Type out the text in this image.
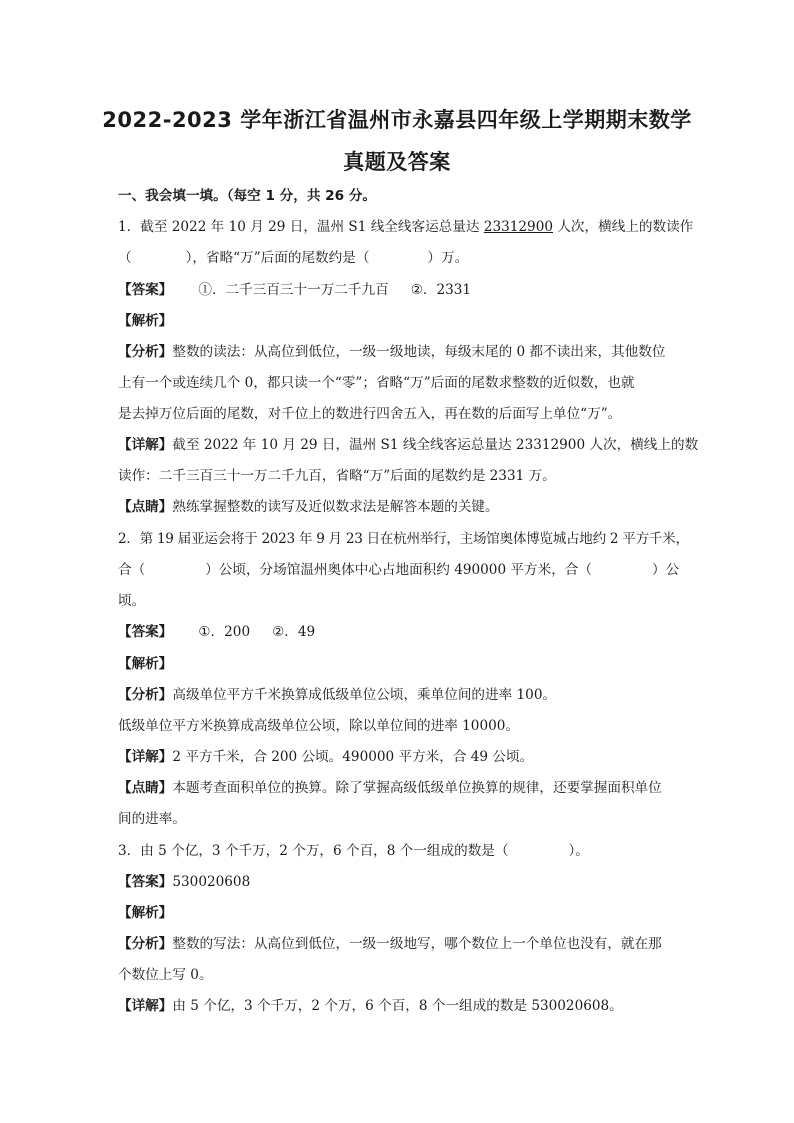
2022-2023 学年浙江省温州市永嘉县四年级上学期期末数学
真题及答案
一、我会填一填。（每空 1 分，共 26 分。
1．截至 2022 年 10 月 29 日，温州 S1 线全线客运总量达 23312900 人次，横线上的数读作
（	），省略“万”后面的尾数约是（	）万。
【答案】 ①．二千三百三十一万二千九百 ②．2331
【解析】
【分析】整数的读法：从高位到低位，一级一级地读，每级末尾的 0 都不读出来，其他数位
上有一个或连续几个 0，都只读一个“零”；省略“万”后面的尾数求整数的近似数，也就
是去掉万位后面的尾数，对千位上的数进行四舍五入，再在数的后面写上单位“万”。
【详解】截至 2022 年 10 月 29 日，温州 S1 线全线客运总量达 23312900 人次，横线上的数
读作：二千三百三十一万二千九百，省略“万”后面的尾数约是 2331 万。
【点睛】熟练掌握整数的读写及近似数求法是解答本题的关键。
2．第 19 届亚运会将于 2023 年 9 月 23 日在杭州举行，主场馆奥体博览城占地约 2 平方千米，
合（	）公顷，分场馆温州奥体中心占地面积约 490000 平方米，合（	）公
顷。
【答案】 ①．200 ②．49
【解析】
【分析】高级单位平方千米换算成低级单位公顷，乘单位间的进率 100。
低级单位平方米换算成高级单位公顷，除以单位间的进率 10000。
【详解】2 平方千米，合 200 公顷。490000 平方米，合 49 公顷。
【点睛】本题考查面积单位的换算。除了掌握高级低级单位换算的规律，还要掌握面积单位
间的进率。
3．由 5 个亿，3 个千万，2 个万，6 个百，8 个一组成的数是（	）。
【答案】530020608
【解析】
【分析】整数的写法：从高位到低位，一级一级地写，哪个数位上一个单位也没有，就在那
个数位上写 0。
【详解】由 5 个亿，3 个千万，2 个万，6 个百，8 个一组成的数是 530020608。
